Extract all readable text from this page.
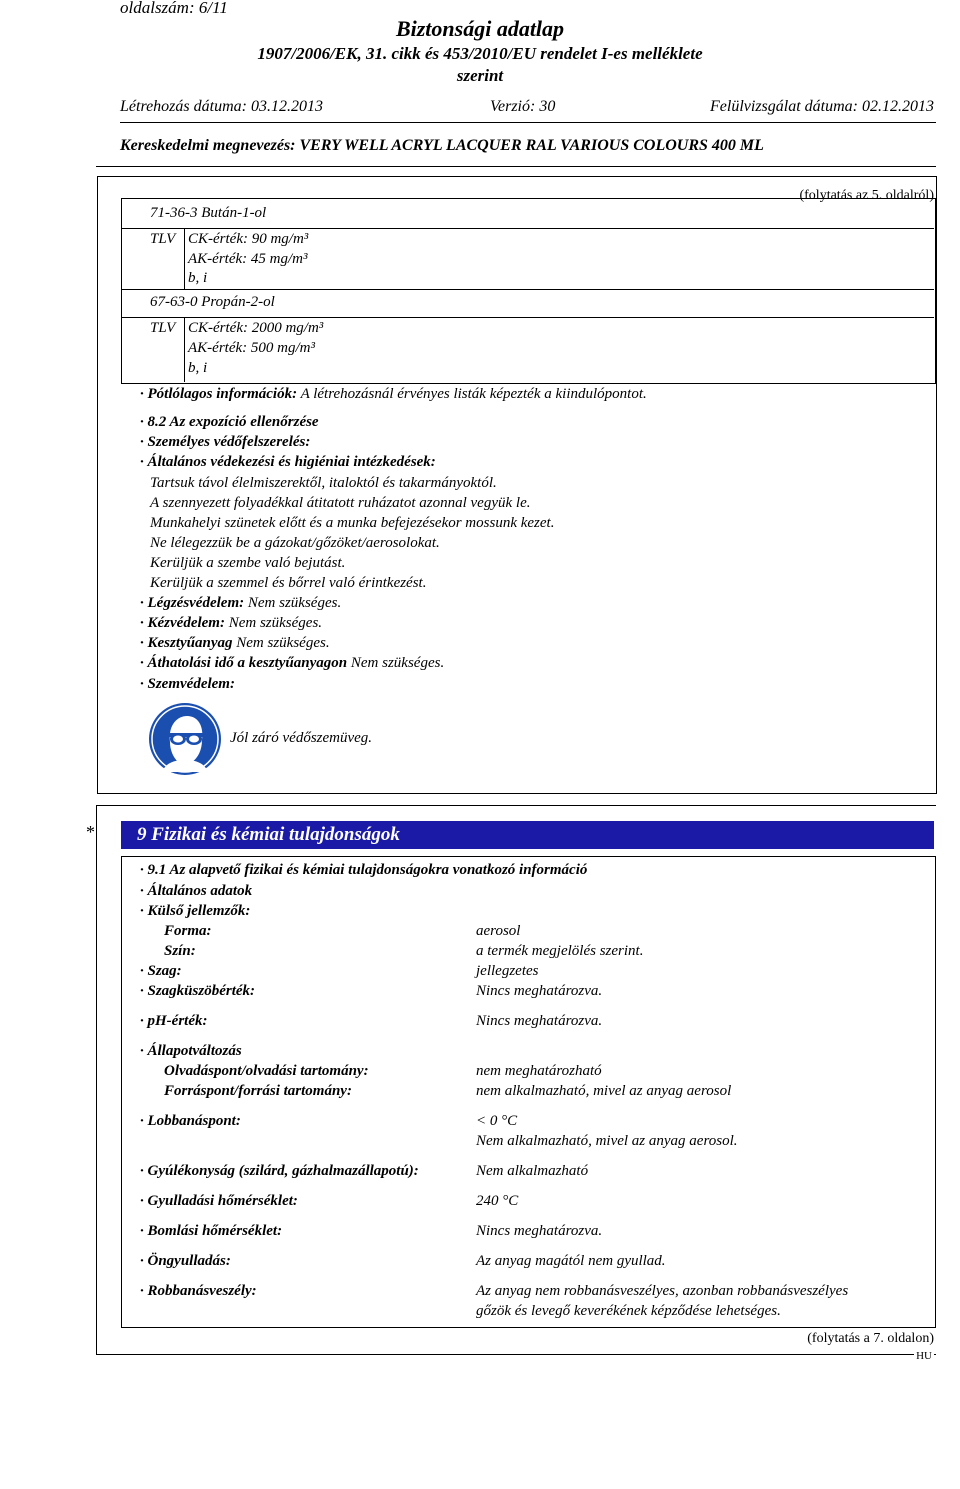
oldalszám: 6/11
Biztonsági adatlap
1907/2006/EK, 31. cikk és 453/2010/EU rendelet I-es melléklete
szerint
Létrehozás dátuma: 03.12.2013	Verzió: 30	Felülvizsgálat dátuma: 02.12.2013
Kereskedelmi megnevezés: VERY WELL ACRYL LACQUER RAL VARIOUS COLOURS 400 ML
(folytatás az 5. oldalról)
71-36-3 Bután-1-ol
TLV CK-érték: 90 mg/m³
AK-érték: 45 mg/m³
b, i
67-63-0 Propán-2-ol
TLV CK-érték: 2000 mg/m³
AK-érték: 500 mg/m³
b, i
· Pótlólagos információk: A létrehozásnál érvényes listák képezték a kiindulópontot.
· 8.2 Az expozíció ellenőrzése
· Személyes védőfelszerelés:
· Általános védekezési és higiéniai intézkedések:
Tartsuk távol élelmiszerektől, italoktól és takarmányoktól.
A szennyezett folyadékkal átitatott ruházatot azonnal vegyük le.
Munkahelyi szünetek előtt és a munka befejezésekor mossunk kezet.
Ne lélegezzük be a gázokat/gőzöket/aerosolokat.
Kerüljük a szembe való bejutást.
Kerüljük a szemmel és bőrrel való érintkezést.
· Légzésvédelem: Nem szükséges.
· Kézvédelem: Nem szükséges.
· Kesztyűanyag Nem szükséges.
· Áthatolási idő a kesztyűanyagon Nem szükséges.
· Szemvédelem:
Jól záró védőszemüveg.
*	9 Fizikai és kémiai tulajdonságok
· 9.1 Az alapvető fizikai és kémiai tulajdonságokra vonatkozó információ
· Általános adatok
· Külső jellemzők:
Forma:	aerosol
Szín:	a termék megjelölés szerint.
· Szag:	jellegzetes
· Szagküszöbérték:	Nincs meghatározva.
· pH-érték:	Nincs meghatározva.
· Állapotváltozás
Olvadáspont/olvadási tartomány:	nem meghatározható
Forráspont/forrási tartomány:	nem alkalmazható, mivel az anyag aerosol
· Lobbanáspont:	< 0 °C
Nem alkalmazható, mivel az anyag aerosol.
· Gyúlékonyság (szilárd, gázhalmazállapotú):	Nem alkalmazható
· Gyulladási hőmérséklet:	240 °C
· Bomlási hőmérséklet:	Nincs meghatározva.
· Öngyulladás:	Az anyag magától nem gyullad.
· Robbanásveszély:	Az anyag nem robbanásveszélyes, azonban robbanásveszélyes
gőzök és levegő keverékének képződése lehetséges.
(folytatás a 7. oldalon)
HU
